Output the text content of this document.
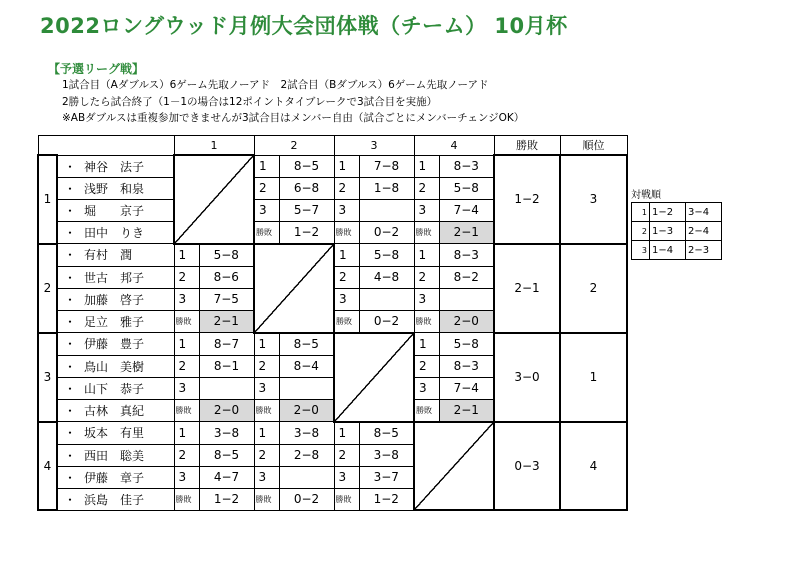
2022ロングウッド月例大会団体戦（チーム） 10月杯
【予選リーグ戦】
1試合目（Aダブルス）6ゲーム先取ノーアド　2試合目（Bダブルス）6ゲーム先取ノーアド
2勝したら試合終了（1－1の場合は12ポイントタイブレークで3試合目を実施）
※ABダブルスは重複参加できませんが3試合目はメンバー自由（試合ごとにメンバーチェンジOK）
		1		2		3		4		勝敗	順位
1	・ 神谷　法子			1	8−5	1	7−8	1	8−3	1−2	3
	・ 浅野　和泉			2	6−8	2	1−8	2	5−8		
	・ 堀　　京子			3	5−7	3		3	7−4		
	・ 田中　りき			勝敗	1−2	勝敗	0−2	勝敗	2−1		
2	・ 有村　潤	1	5−8			1	5−8	1	8−3	2−1	2
	・ 世古　邦子	2	8−6			2	4−8	2	8−2		
	・ 加藤　啓子	3	7−5			3		3			
	・ 足立　雅子	勝敗	2−1			勝敗	0−2	勝敗	2−0		
3	・ 伊藤　豊子	1	8−7	1	8−5			1	5−8	3−0	1
	・ 鳥山　美樹	2	8−1	2	8−4			2	8−3		
	・ 山下　恭子	3		3				3	7−4		
	・ 古林　真紀	勝敗	2−0	勝敗	2−0			勝敗	2−1		
4	・ 坂本　有里	1	3−8	1	3−8	1	8−5			0−3	4
	・ 西田　聡美	2	8−5	2	2−8	2	3−8				
	・ 伊藤　章子	3	4−7	3		3	3−7				
	・ 浜島　佳子	勝敗	1−2	勝敗	0−2	勝敗	1−2				
対戦順
1	1−2	3−4
2	1−3	2−4
3	1−4	2−3
